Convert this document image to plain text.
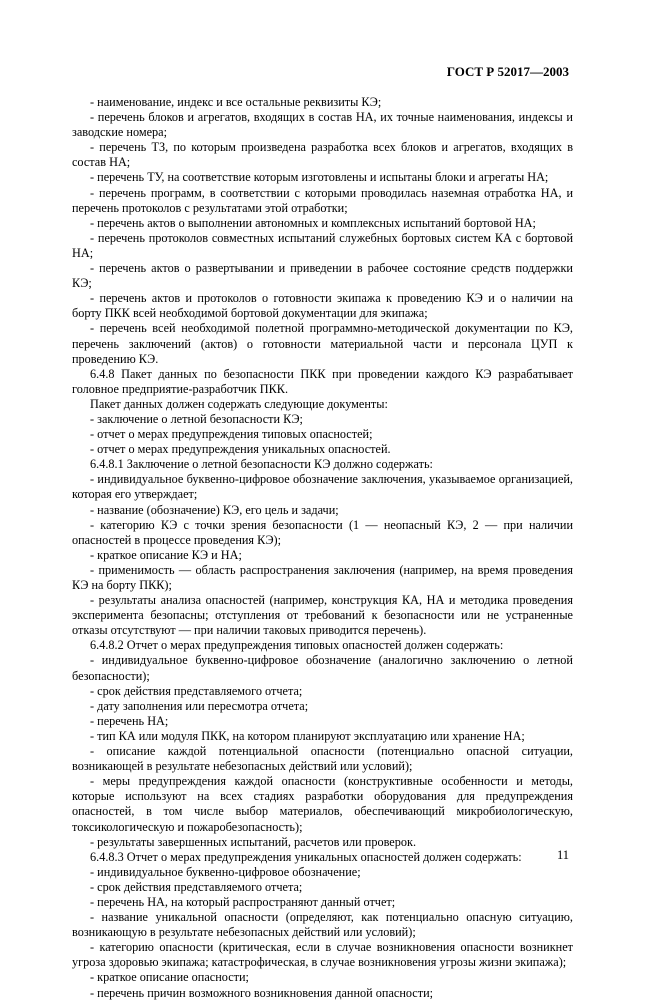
ГОСТ Р 52017—2003

- наименование, индекс и все остальные реквизиты КЭ;

- перечень блоков и агрегатов, входящих в состав НА, их точные наименования, индексы и заводские номера;

- перечень ТЗ, по которым произведена разработка всех блоков и агрегатов, входящих в состав НА;

- перечень ТУ, на соответствие которым изготовлены и испытаны блоки и агрегаты НА;

- перечень программ, в соответствии с которыми проводилась наземная отработка НА, и перечень протоколов с результатами этой отработки;

- перечень актов о выполнении автономных и комплексных испытаний бортовой НА;

- перечень протоколов совместных испытаний служебных бортовых систем КА с бортовой НА;

- перечень актов о развертывании и приведении в рабочее состояние средств поддержки КЭ;

- перечень актов и протоколов о готовности экипажа к проведению КЭ и о наличии на борту ПКК всей необходимой бортовой документации для экипажа;

- перечень всей необходимой полетной программно-методической документации по КЭ, перечень заключений (актов) о готовности материальной части и персонала ЦУП к проведению КЭ.

6.4.8 Пакет данных по безопасности ПКК при проведении каждого КЭ разрабатывает головное предприятие-разработчик ПКК.

Пакет данных должен содержать следующие документы:

- заключение о летной безопасности КЭ;

- отчет о мерах предупреждения типовых опасностей;

- отчет о мерах предупреждения уникальных опасностей.

6.4.8.1 Заключение о летной безопасности КЭ должно содержать:

- индивидуальное буквенно-цифровое обозначение заключения, указываемое организацией, которая его утверждает;

- название (обозначение) КЭ, его цель и задачи;

- категорию КЭ с точки зрения безопасности (1 — неопасный КЭ, 2 — при наличии опасностей в процессе проведения КЭ);

- краткое описание КЭ и НА;

- применимость — область распространения заключения (например, на время проведения КЭ на борту ПКК);

- результаты анализа опасностей (например, конструкция КА, НА и методика проведения эксперимента безопасны; отступления от требований к безопасности или не устраненные отказы отсутствуют — при наличии таковых приводится перечень).

6.4.8.2 Отчет о мерах предупреждения типовых опасностей должен содержать:

- индивидуальное буквенно-цифровое обозначение (аналогично заключению о летной безопасности);

- срок действия представляемого отчета;

- дату заполнения или пересмотра отчета;

- перечень НА;

- тип КА или модуля ПКК, на котором планируют эксплуатацию или хранение НА;

- описание каждой потенциальной опасности (потенциально опасной ситуации, возникающей в результате небезопасных действий или условий);

- меры предупреждения каждой опасности (конструктивные особенности и методы, которые используют на всех стадиях разработки оборудования для предупреждения опасностей, в том числе выбор материалов, обеспечивающий микробиологическую, токсикологическую и пожаробезопасность);

- результаты завершенных испытаний, расчетов или проверок.

6.4.8.3 Отчет о мерах предупреждения уникальных опасностей должен содержать:

- индивидуальное буквенно-цифровое обозначение;

- срок действия представляемого отчета;

- перечень НА, на который распространяют данный отчет;

- название уникальной опасности (определяют, как потенциально опасную ситуацию, возникающую в результате небезопасных действий или условий);

- категорию опасности (критическая, если в случае возникновения опасности возникнет угроза здоровью экипажа; катастрофическая, в случае возникновения угрозы жизни экипажа);

- краткое описание опасности;

- перечень причин возможного возникновения данной опасности;

11
